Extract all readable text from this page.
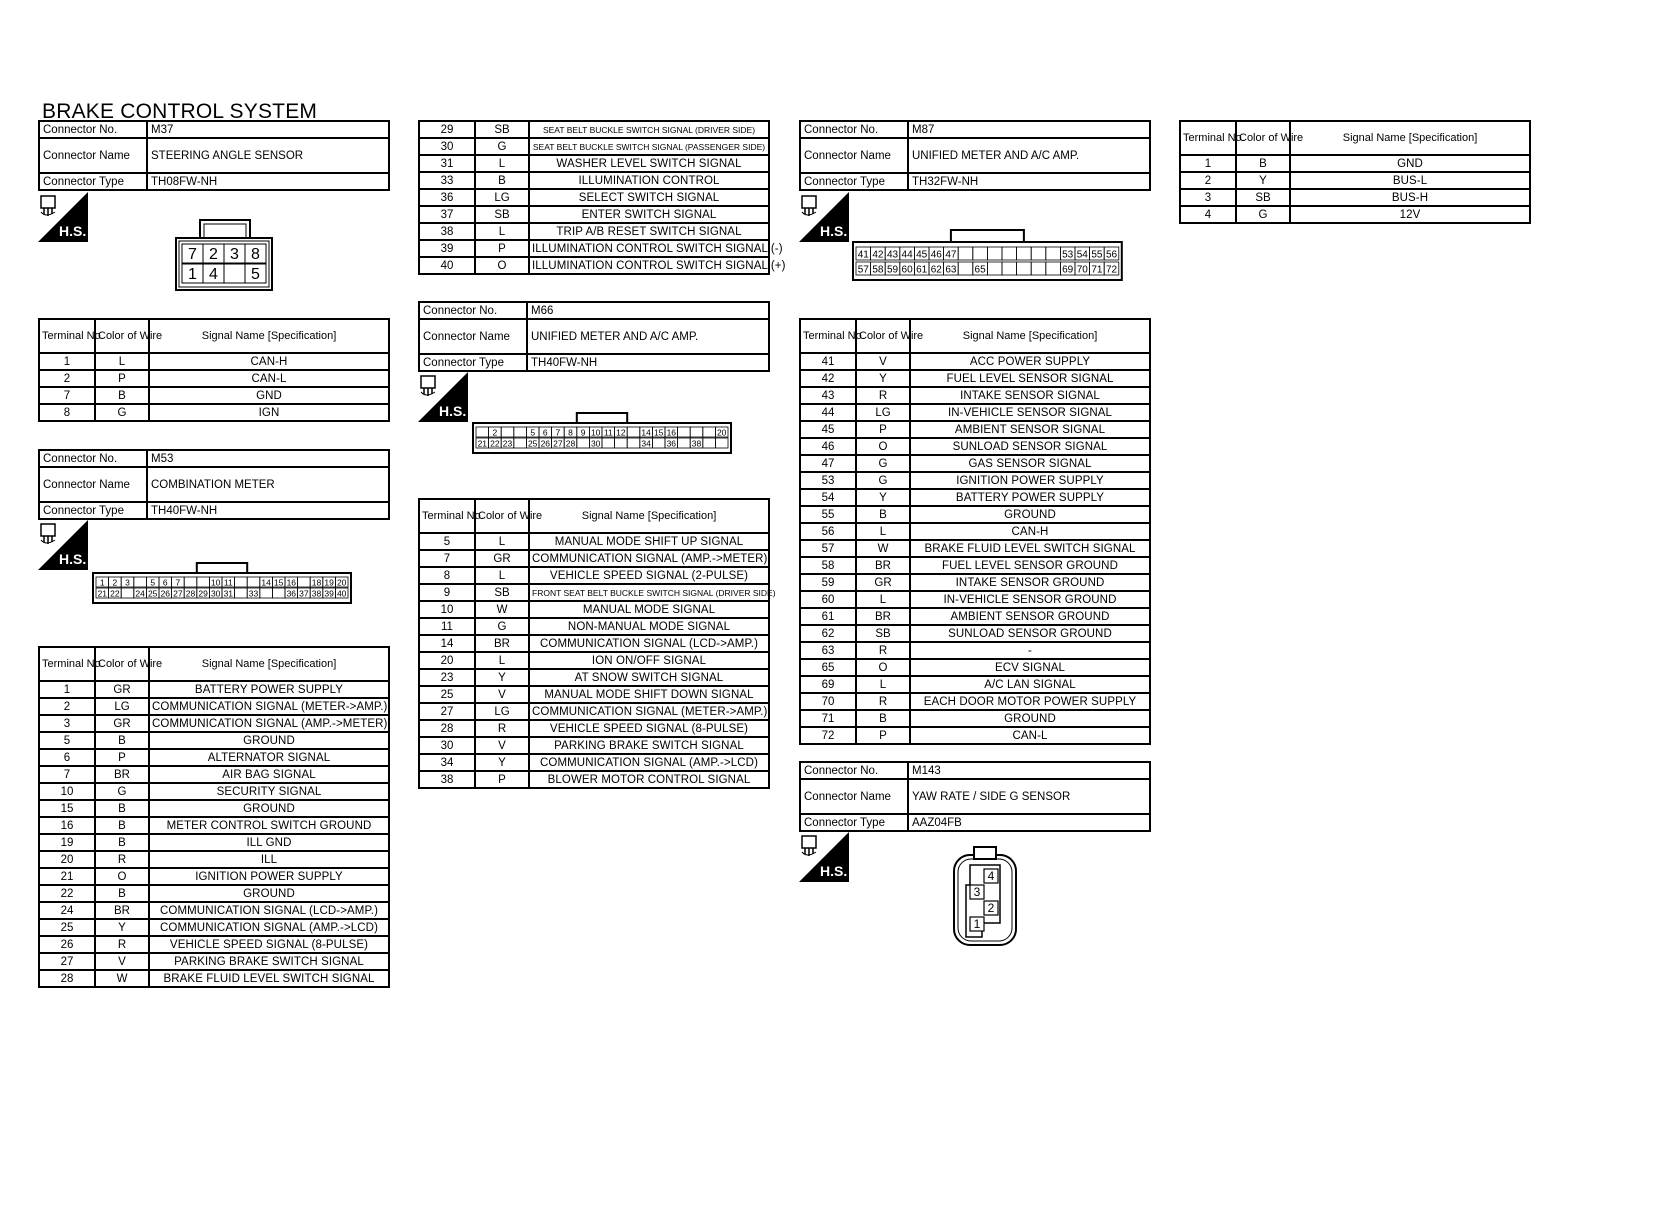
BRAKE CONTROL SYSTEM
Connector No.	M37
Connector Name	STEERING ANGLE SENSOR
Connector Type	TH08FW-NH
H.S.
7 2 3 8
1 4 5
Terminal No.	Color of Wire	Signal Name [Specification]
1	L	CAN-H
2	P	CAN-L
7	B	GND
8	G	IGN
Connector No.	M53
Connector Name	COMBINATION METER
Connector Type	TH40FW-NH
H.S.
1 2 3 5 6 7	10 11	14 15 16 18 19 20
21 22 24 25 26 27 28 29 30 31 33	36 37 38 39 40
Terminal No.	Color of Wire	Signal Name [Specification]
1	GR	BATTERY POWER SUPPLY
2	LG	COMMUNICATION SIGNAL (METER->AMP.)
3	GR	COMMUNICATION SIGNAL (AMP.->METER)
5	B	GROUND
6	P	ALTERNATOR SIGNAL
7	BR	AIR BAG SIGNAL
10	G	SECURITY SIGNAL
15	B	GROUND
16	B	METER CONTROL SWITCH GROUND
19	B	ILL GND
20	R	ILL
21	O	IGNITION POWER SUPPLY
22	B	GROUND
24	BR	COMMUNICATION SIGNAL (LCD->AMP.)
25	Y	COMMUNICATION SIGNAL (AMP.->LCD)
26	R	VEHICLE SPEED SIGNAL (8-PULSE)
27	V	PARKING BRAKE SWITCH SIGNAL
28	W	BRAKE FLUID LEVEL SWITCH SIGNAL
29	SB	SEAT BELT BUCKLE SWITCH SIGNAL (DRIVER SIDE)
30	G	SEAT BELT BUCKLE SWITCH SIGNAL (PASSENGER SIDE)
31	L	WASHER LEVEL SWITCH SIGNAL
33	B	ILLUMINATION CONTROL
36	LG	SELECT SWITCH SIGNAL
37	SB	ENTER SWITCH SIGNAL
38	L	TRIP A/B RESET SWITCH SIGNAL
39	P	ILLUMINATION CONTROL SWITCH SIGNAL (-)
40	O	ILLUMINATION CONTROL SWITCH SIGNAL (+)
Connector No.	M66
Connector Name	UNIFIED METER AND A/C AMP.
Connector Type	TH40FW-NH
H.S.
2	5 6 7 8 9 10 11 12 14 15 16	20
21 22 23 25 26 27 28 30	34 36 38
Terminal No.	Color of Wire	Signal Name [Specification]
5	L	MANUAL MODE SHIFT UP SIGNAL
7	GR	COMMUNICATION SIGNAL (AMP.->METER)
8	L	VEHICLE SPEED SIGNAL (2-PULSE)
9	SB	FRONT SEAT BELT BUCKLE SWITCH SIGNAL (DRIVER SIDE)
10	W	MANUAL MODE SIGNAL
11	G	NON-MANUAL MODE SIGNAL
14	BR	COMMUNICATION SIGNAL (LCD->AMP.)
20	L	ION ON/OFF SIGNAL
23	Y	AT SNOW SWITCH SIGNAL
25	V	MANUAL MODE SHIFT DOWN SIGNAL
27	LG	COMMUNICATION SIGNAL (METER->AMP.)
28	R	VEHICLE SPEED SIGNAL (8-PULSE)
30	V	PARKING BRAKE SWITCH SIGNAL
34	Y	COMMUNICATION SIGNAL (AMP.->LCD)
38	P	BLOWER MOTOR CONTROL SIGNAL
Connector No.	M87
Connector Name	UNIFIED METER AND A/C AMP.
Connector Type	TH32FW-NH
H.S.
41 42 43 44 45 46 47	53 54 55 56
57 58 59 60 61 62 63 65	69 70 71 72
Terminal No.	Color of Wire	Signal Name [Specification]
41	V	ACC POWER SUPPLY
42	Y	FUEL LEVEL SENSOR SIGNAL
43	R	INTAKE SENSOR SIGNAL
44	LG	IN-VEHICLE SENSOR SIGNAL
45	P	AMBIENT SENSOR SIGNAL
46	O	SUNLOAD SENSOR SIGNAL
47	G	GAS SENSOR SIGNAL
53	G	IGNITION POWER SUPPLY
54	Y	BATTERY POWER SUPPLY
55	B	GROUND
56	L	CAN-H
57	W	BRAKE FLUID LEVEL SWITCH SIGNAL
58	BR	FUEL LEVEL SENSOR GROUND
59	GR	INTAKE SENSOR GROUND
60	L	IN-VEHICLE SENSOR GROUND
61	BR	AMBIENT SENSOR GROUND
62	SB	SUNLOAD SENSOR GROUND
63	R	-
65	O	ECV SIGNAL
69	L	A/C LAN SIGNAL
70	R	EACH DOOR MOTOR POWER SUPPLY
71	B	GROUND
72	P	CAN-L
Connector No.	M143
Connector Name	YAW RATE / SIDE G SENSOR
Connector Type	AAZ04FB
H.S.	4
3
2
1
Terminal No.	Color of Wire	Signal Name [Specification]
1	B	GND
2	Y	BUS-L
3	SB	BUS-H
4	G	12V
